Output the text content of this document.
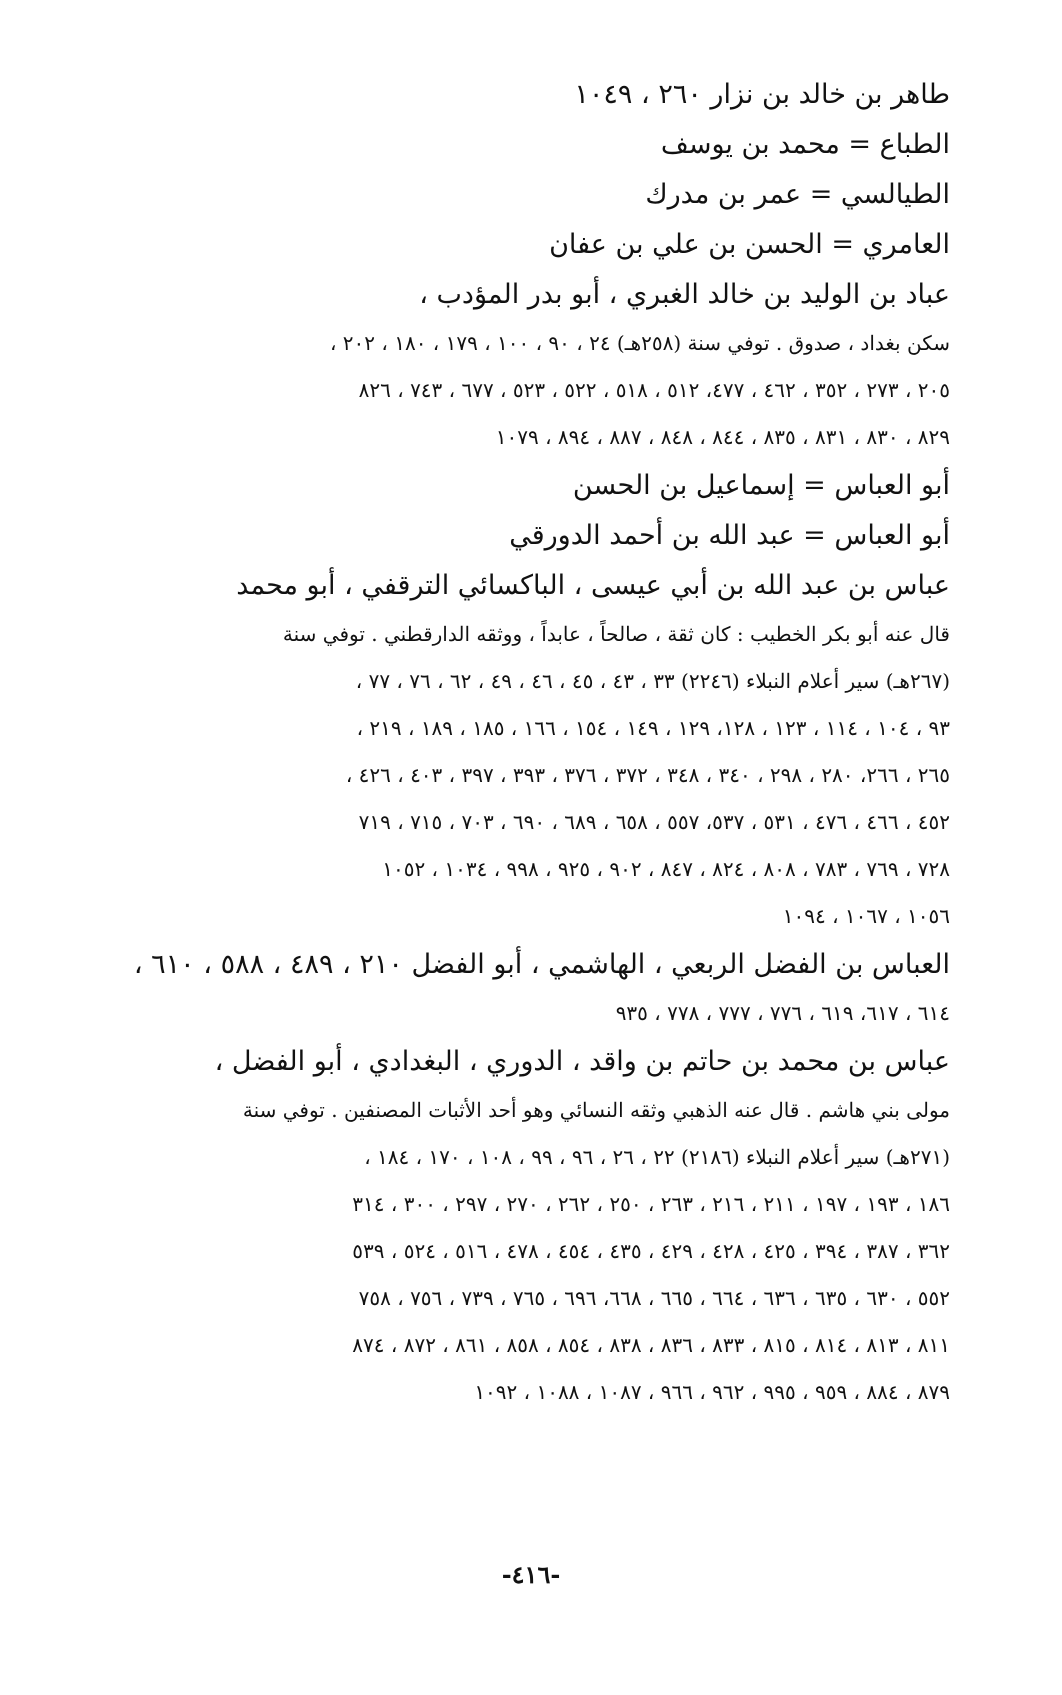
طاهر بن خالد بن نزار ٢٦٠ ، ١٠٤٩
الطباع = محمد بن يوسف
الطيالسي = عمر بن مدرك
العامري = الحسن بن علي بن عفان
عباد بن الوليد بن خالد الغبري ، أبو بدر المؤدب ،
سكن بغداد ، صدوق . توفي سنة (٢٥٨هـ) ٢٤ ، ٩٠ ، ١٠٠ ، ١٧٩ ، ١٨٠ ، ٢٠٢ ،
٢٠٥ ، ٢٧٣ ، ٣٥٢ ، ٤٦٢ ، ٤٧٧، ٥١٢ ، ٥١٨ ، ٥٢٢ ، ٥٢٣ ، ٦٧٧ ، ٧٤٣ ، ٨٢٦
٨٢٩ ، ٨٣٠ ، ٨٣١ ، ٨٣٥ ، ٨٤٤ ، ٨٤٨ ، ٨٨٧ ، ٨٩٤ ، ١٠٧٩
أبو العباس = إسماعيل بن الحسن
أبو العباس = عبد الله بن أحمد الدورقي
عباس بن عبد الله بن أبي عيسى ، الباكسائي الترقفي ، أبو محمد
قال عنه أبو بكر الخطيب : كان ثقة ، صالحاً ، عابداً ، ووثقه الدارقطني . توفي سنة
(٢٦٧هـ) سير أعلام النبلاء (٢٢٤٦) ٣٣ ، ٤٣ ، ٤٥ ، ٤٦ ، ٤٩ ، ٦٢ ، ٧٦ ، ٧٧ ،
٩٣ ، ١٠٤ ، ١١٤ ، ١٢٣ ، ١٢٨، ١٢٩ ، ١٤٩ ، ١٥٤ ، ١٦٦ ، ١٨٥ ، ١٨٩ ، ٢١٩ ،
٢٦٥ ، ٢٦٦، ٢٨٠ ، ٢٩٨ ، ٣٤٠ ، ٣٤٨ ، ٣٧٢ ، ٣٧٦ ، ٣٩٣ ، ٣٩٧ ، ٤٠٣ ، ٤٢٦ ،
٤٥٢ ، ٤٦٦ ، ٤٧٦ ، ٥٣١ ، ٥٣٧، ٥٥٧ ، ٦٥٨ ، ٦٨٩ ، ٦٩٠ ، ٧٠٣ ، ٧١٥ ، ٧١٩
٧٢٨ ، ٧٦٩ ، ٧٨٣ ، ٨٠٨ ، ٨٢٤ ، ٨٤٧ ، ٩٠٢ ، ٩٢٥ ، ٩٩٨ ، ١٠٣٤ ، ١٠٥٢
١٠٥٦ ، ١٠٦٧ ، ١٠٩٤
العباس بن الفضل الربعي ، الهاشمي ، أبو الفضل ٢١٠ ، ٤٨٩ ، ٥٨٨ ، ٦١٠ ،
٦١٤ ، ٦١٧، ٦١٩ ، ٧٧٦ ، ٧٧٧ ، ٧٧٨ ، ٩٣٥
عباس بن محمد بن حاتم بن واقد ، الدوري ، البغدادي ، أبو الفضل ،
مولى بني هاشم . قال عنه الذهبي وثقه النسائي وهو أحد الأثبات المصنفين . توفي سنة
(٢٧١هـ) سير أعلام النبلاء (٢١٨٦) ٢٢ ، ٢٦ ، ٩٦ ، ٩٩ ، ١٠٨ ، ١٧٠ ، ١٨٤ ،
١٨٦ ، ١٩٣ ، ١٩٧ ، ٢١١ ، ٢١٦ ، ٢٦٣ ، ٢٥٠ ، ٢٦٢ ، ٢٧٠ ، ٢٩٧ ، ٣٠٠ ، ٣١٤
٣٦٢ ، ٣٨٧ ، ٣٩٤ ، ٤٢٥ ، ٤٢٨ ، ٤٢٩ ، ٤٣٥ ، ٤٥٤ ، ٤٧٨ ، ٥١٦ ، ٥٢٤ ، ٥٣٩
٥٥٢ ، ٦٣٠ ، ٦٣٥ ، ٦٣٦ ، ٦٦٤ ، ٦٦٥ ، ٦٦٨، ٦٩٦ ، ٧٦٥ ، ٧٣٩ ، ٧٥٦ ، ٧٥٨
٨١١ ، ٨١٣ ، ٨١٤ ، ٨١٥ ، ٨٣٣ ، ٨٣٦ ، ٨٣٨ ، ٨٥٤ ، ٨٥٨ ، ٨٦١ ، ٨٧٢ ، ٨٧٤
٨٧٩ ، ٨٨٤ ، ٩٥٩ ، ٩٩٥ ، ٩٦٢ ، ٩٦٦ ، ١٠٨٧ ، ١٠٨٨ ، ١٠٩٢
-٤١٦-
